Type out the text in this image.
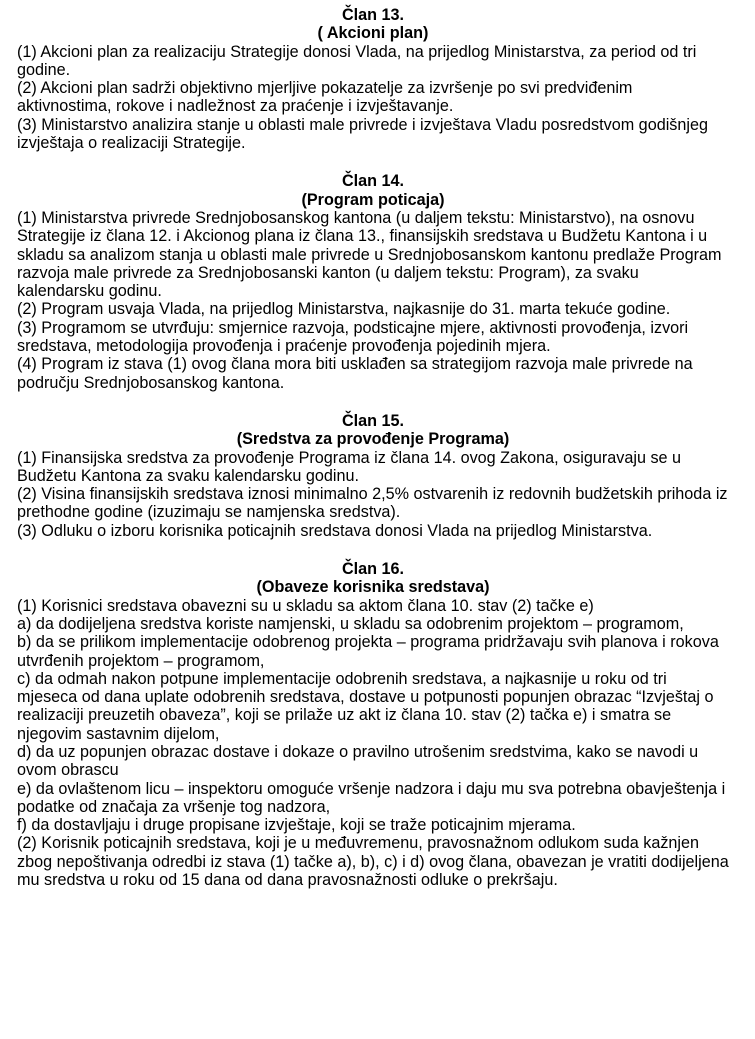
Član 13.
( Akcioni plan)

(1) Akcioni plan za realizaciju Strategije donosi Vlada, na prijedlog Ministarstva, za period od tri godine.

(2) Akcioni plan sadrži objektivno mjerljive pokazatelje za izvršenje po svi predviđenim aktivnostima, rokove i nadležnost za praćenje i izvještavanje.

(3) Ministarstvo analizira stanje u oblasti male privrede i izvještava Vladu posredstvom godišnjeg izvještaja o realizaciji Strategije.

Član 14.
(Program poticaja)

(1) Ministarstva privrede Srednjobosanskog kantona (u daljem tekstu: Ministarstvo), na osnovu Strategije iz člana 12. i Akcionog plana iz člana 13., finansijskih sredstava u Budžetu Kantona i u skladu sa analizom stanja u oblasti male privrede u Srednjobosanskom kantonu predlaže Program razvoja male privrede za Srednjobosanski kanton (u daljem tekstu: Program), za svaku kalendarsku godinu.

(2) Program usvaja Vlada, na prijedlog Ministarstva, najkasnije do 31. marta tekuće godine.

(3) Programom se utvrđuju: smjernice razvoja, podsticajne mjere, aktivnosti provođenja, izvori sredstava, metodologija provođenja i praćenje provođenja pojedinih mjera.

(4) Program iz stava (1) ovog člana mora biti usklađen sa strategijom razvoja male privrede na području Srednjobosanskog kantona.

Član 15.
(Sredstva za provođenje Programa)

(1) Finansijska sredstva za provođenje Programa iz člana 14. ovog Zakona, osiguravaju se u Budžetu Kantona za svaku kalendarsku godinu.

(2) Visina finansijskih sredstava iznosi minimalno 2,5% ostvarenih iz redovnih budžetskih prihoda iz prethodne godine (izuzimaju se namjenska sredstva).

(3) Odluku o izboru korisnika poticajnih sredstava donosi Vlada na prijedlog Ministarstva.

Član 16.
(Obaveze korisnika sredstava)

(1) Korisnici sredstava obavezni su u skladu sa aktom člana 10. stav (2) tačke e)

a) da dodijeljena sredstva koriste namjenski, u skladu sa odobrenim projektom – programom,

b) da se prilikom implementacije odobrenog projekta – programa pridržavaju svih planova i rokova utvrđenih projektom – programom,

c) da odmah nakon potpune implementacije odobrenih sredstava, a najkasnije u roku od tri mjeseca od dana uplate odobrenih sredstava, dostave u potpunosti popunjen obrazac “Izvještaj o realizaciji preuzetih obaveza”, koji se prilaže uz akt iz člana 10. stav (2) tačka e) i smatra se njegovim sastavnim dijelom,

d) da uz popunjen obrazac dostave i dokaze o pravilno utrošenim sredstvima, kako se navodi u ovom obrascu

e) da ovlaštenom licu – inspektoru omoguće vršenje nadzora i daju mu sva potrebna obavještenja i podatke od značaja za vršenje tog nadzora,

f) da dostavljaju i druge propisane izvještaje, koji se traže poticajnim mjerama.

(2) Korisnik poticajnih sredstava, koji je u međuvremenu, pravosnažnom odlukom suda kažnjen zbog nepoštivanja odredbi iz stava (1) tačke a), b), c) i d) ovog člana, obavezan je vratiti dodijeljena mu sredstva u roku od 15 dana od dana pravosnažnosti odluke o prekršaju.
